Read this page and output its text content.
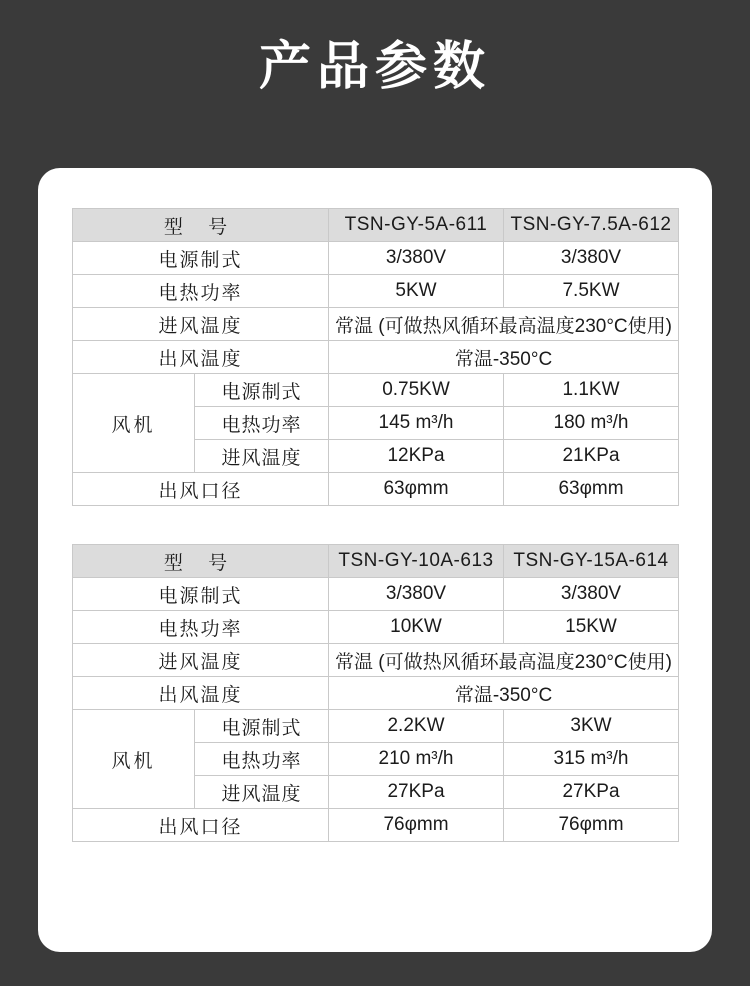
产品参数
型 号		TSN-GY-5A-611	TSN-GY-7.5A-612
电源制式		3/380V	3/380V
电热功率		5KW	7.5KW
进风温度		常温 (可做热风循环最高温度230°C使用)	
出风温度		常温-350°C	
风机	电源制式	0.75KW	1.1KW
	电热功率	145 m³/h	180 m³/h
	进风温度	12KPa	21KPa
出风口径		63φmm	63φmm
型 号		TSN-GY-10A-613	TSN-GY-15A-614
电源制式		3/380V	3/380V
电热功率		10KW	15KW
进风温度		常温 (可做热风循环最高温度230°C使用)	
出风温度		常温-350°C	
风机	电源制式	2.2KW	3KW
	电热功率	210 m³/h	315 m³/h
	进风温度	27KPa	27KPa
出风口径		76φmm	76φmm
